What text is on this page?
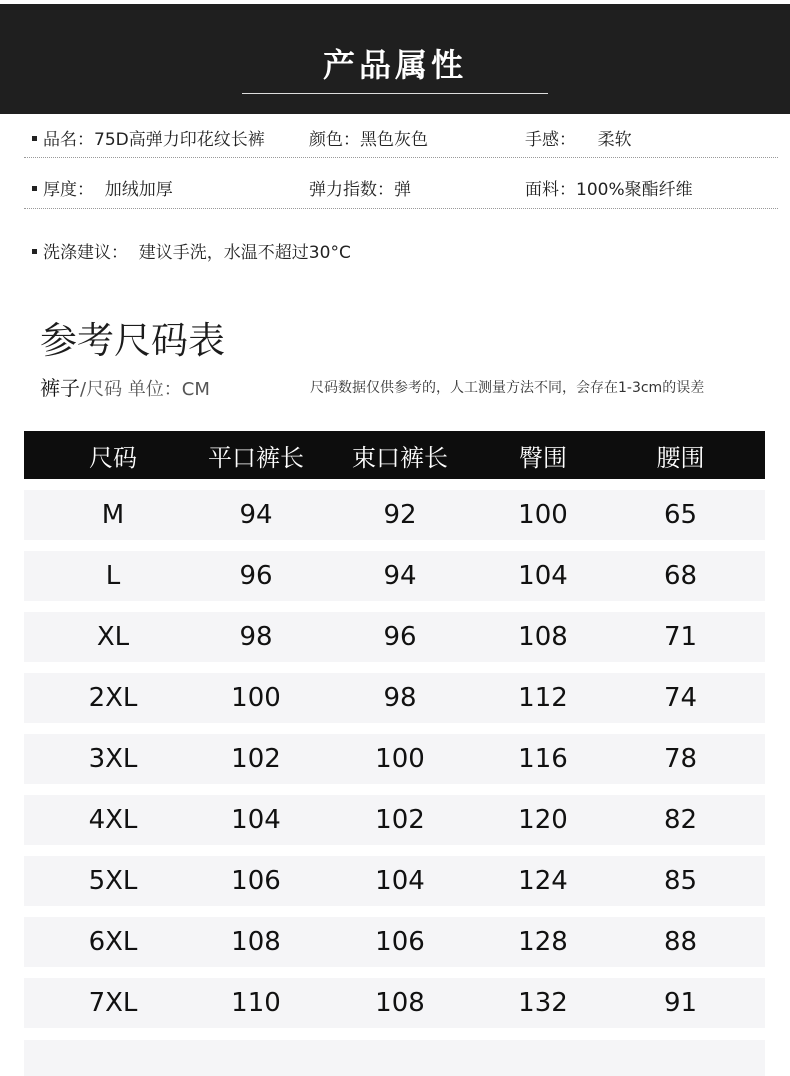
产品属性
品名：75D高弹力印花纹长裤	颜色：黑色灰色	手感：    柔软
厚度：  加绒加厚	弹力指数：弹	面料：100%聚酯纤维
洗涤建议：  建议手洗，水温不超过30°C
参考尺码表
裤子/尺码 单位：CM	尺码数据仅供参考的，人工测量方法不同，会存在1-3cm的误差
尺码	平口裤长	束口裤长	臀围	腰围
M	94	92	100	65
L	96	94	104	68
XL	98	96	108	71
2XL	100	98	112	74
3XL	102	100	116	78
4XL	104	102	120	82
5XL	106	104	124	85
6XL	108	106	128	88
7XL	110	108	132	91
